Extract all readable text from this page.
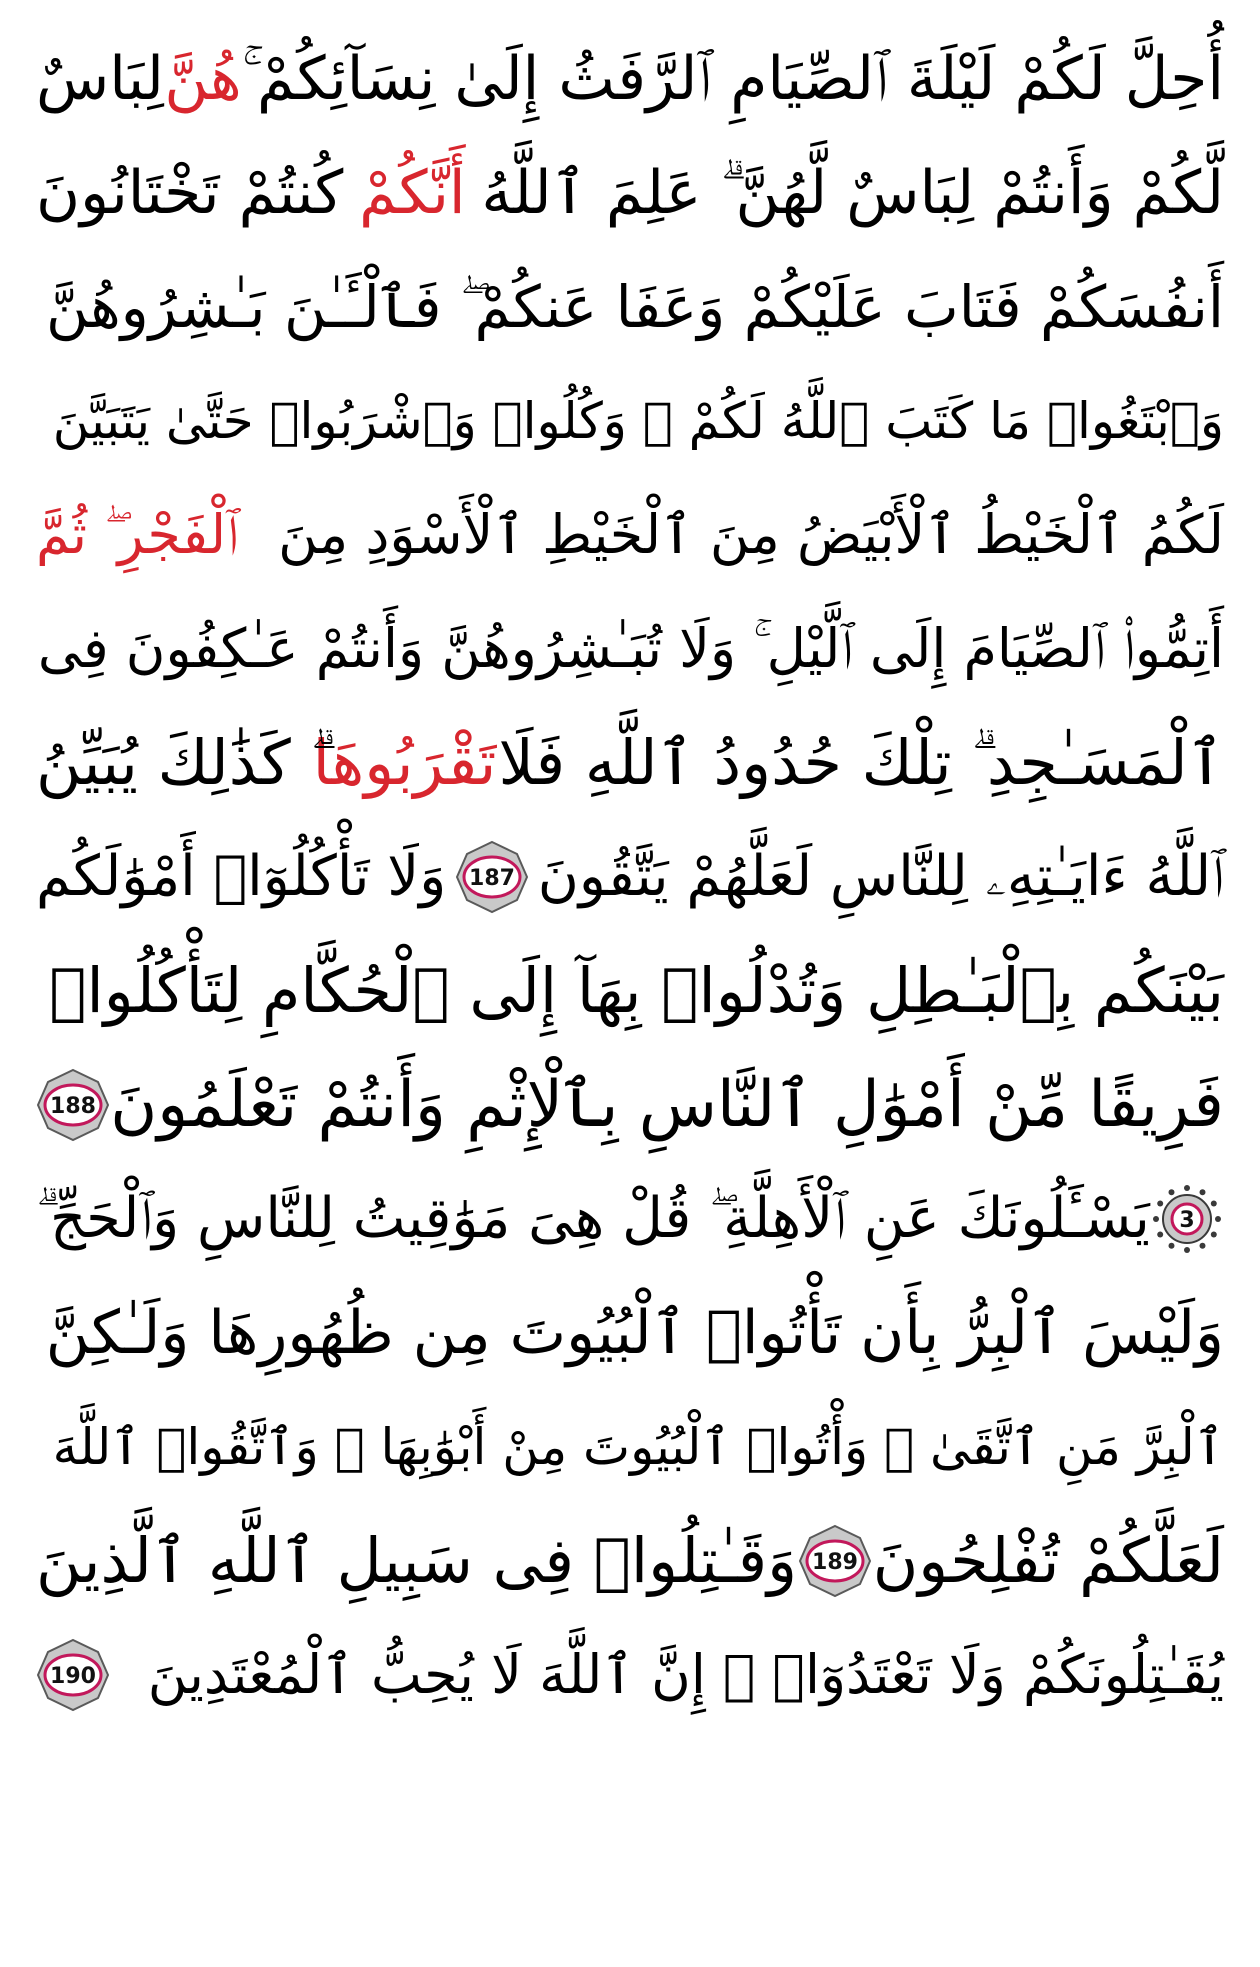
أُحِلَّ لَكُمْ لَيْلَةَ ٱلصِّيَامِ ٱلرَّفَثُ إِلَىٰ نِسَآئِكُمْ ۚ
هُنَّ
لِبَاسٌ
لَّكُمْ وَأَنتُمْ لِبَاسٌ لَّهُنَّ ۗ عَلِمَ ٱللَّهُ
أَنَّكُمْ
كُنتُمْ تَخْتَانُونَ
أَنفُسَكُمْ فَتَابَ عَلَيْكُمْ وَعَفَا عَنكُمْ ۖ فَٱلْـَٔـٰنَ بَـٰشِرُوهُنَّ
وَٱبْتَغُوا۟ مَا كَتَبَ ٱللَّهُ لَكُمْ ۚ وَكُلُوا۟ وَٱشْرَبُوا۟ حَتَّىٰ يَتَبَيَّنَ
لَكُمُ ٱلْخَيْطُ ٱلْأَبْيَضُ مِنَ ٱلْخَيْطِ ٱلْأَسْوَدِ مِنَ
ٱلْفَجْرِ ۖ ثُمَّ
أَتِمُّوا۟ ٱلصِّيَامَ إِلَى ٱلَّيْلِ ۚ وَلَا تُبَـٰشِرُوهُنَّ وَأَنتُمْ عَـٰكِفُونَ فِى
ٱلْمَسَـٰجِدِ ۗ تِلْكَ حُدُودُ ٱللَّهِ فَلَا
تَقْرَبُوهَا
ۗ كَذَٰلِكَ يُبَيِّنُ
ٱللَّهُ ءَايَـٰتِهِۦ لِلنَّاسِ لَعَلَّهُمْ يَتَّقُونَ
187
وَلَا تَأْكُلُوٓا۟ أَمْوَٰلَكُم
بَيْنَكُم بِٱلْبَـٰطِلِ وَتُدْلُوا۟ بِهَآ إِلَى ٱلْحُكَّامِ لِتَأْكُلُوا۟
فَرِيقًا مِّنْ أَمْوَٰلِ ٱلنَّاسِ بِٱلْإِثْمِ وَأَنتُمْ تَعْلَمُونَ
188
3
يَسْـَٔلُونَكَ عَنِ ٱلْأَهِلَّةِ ۖ قُلْ هِىَ مَوَٰقِيتُ لِلنَّاسِ وَٱلْحَجِّ ۗ
وَلَيْسَ ٱلْبِرُّ بِأَن تَأْتُوا۟ ٱلْبُيُوتَ مِن ظُهُورِهَا وَلَـٰكِنَّ
ٱلْبِرَّ مَنِ ٱتَّقَىٰ ۗ وَأْتُوا۟ ٱلْبُيُوتَ مِنْ أَبْوَٰبِهَا ۚ وَٱتَّقُوا۟ ٱللَّهَ
لَعَلَّكُمْ تُفْلِحُونَ
189
وَقَـٰتِلُوا۟ فِى سَبِيلِ ٱللَّهِ ٱلَّذِينَ
يُقَـٰتِلُونَكُمْ وَلَا تَعْتَدُوٓا۟ ۚ إِنَّ ٱللَّهَ لَا يُحِبُّ ٱلْمُعْتَدِينَ
190
